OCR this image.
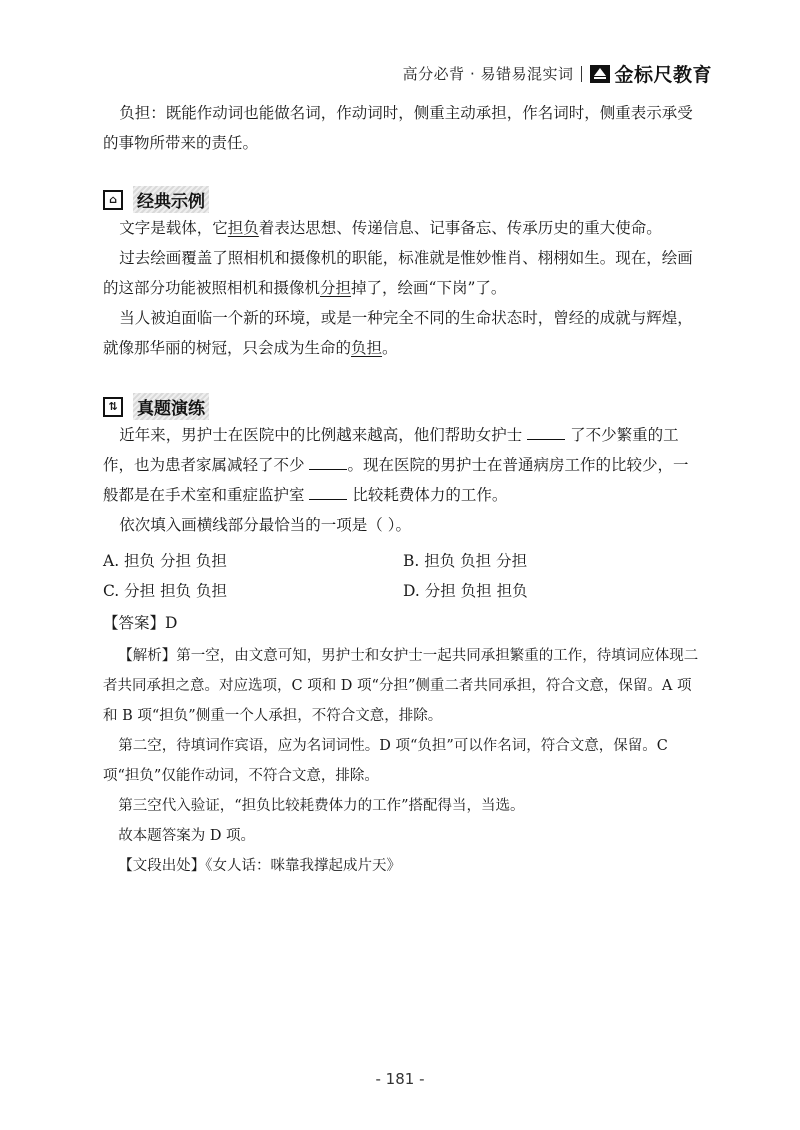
高分必背 · 易错易混实词 金标尺教育

负担：既能作动词也能做名词，作动词时，侧重主动承担，作名词时，侧重表示承受的事物所带来的责任。

⌂	经典示例

文字是载体，它担负着表达思想、传递信息、记事备忘、传承历史的重大使命。

过去绘画覆盖了照相机和摄像机的职能，标准就是惟妙惟肖、栩栩如生。现在，绘画的这部分功能被照相机和摄像机分担掉了，绘画“下岗”了。

当人被迫面临一个新的环境，或是一种完全不同的生命状态时，曾经的成就与辉煌，就像那华丽的树冠，只会成为生命的负担。

⇅	真题演练

近年来，男护士在医院中的比例越来越高，他们帮助女护士	了不少繁重的工作，也为患者家属减轻了不少	。现在医院的男护士在普通病房工作的比较少，一般都是在手术室和重症监护室	比较耗费体力的工作。

依次填入画横线部分最恰当的一项是（ ）。

A. 担负 分担 负担	B. 担负 负担 分担
C. 分担 担负 负担	D. 分担 负担 担负

【答案】D

【解析】第一空，由文意可知，男护士和女护士一起共同承担繁重的工作，待填词应体现二者共同承担之意。对应选项，C 项和 D 项“分担”侧重二者共同承担，符合文意，保留。A 项和 B 项“担负”侧重一个人承担，不符合文意，排除。

第二空，待填词作宾语，应为名词词性。D 项“负担”可以作名词，符合文意，保留。C 项“担负”仅能作动词，不符合文意，排除。

第三空代入验证，“担负比较耗费体力的工作”搭配得当，当选。

故本题答案为 D 项。

【文段出处】《女人话：咪靠我撑起成片天》

- 181 -
